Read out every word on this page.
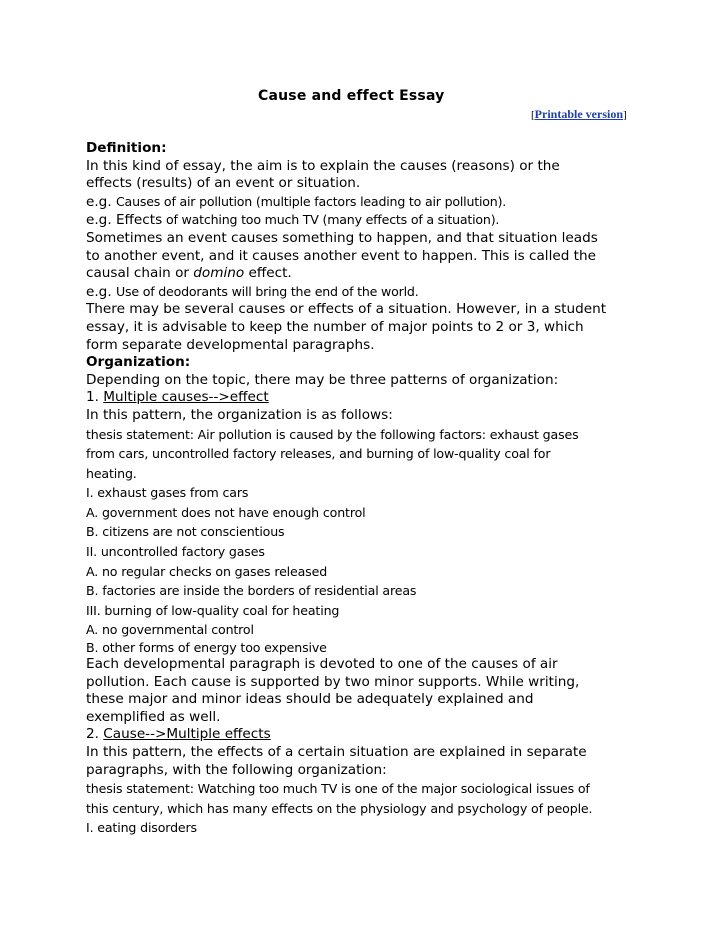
Cause and effect Essay
[Printable version]

Definition:

In this kind of essay, the aim is to explain the causes (reasons) or the

effects (results) of an event or situation.

e.g. Causes of air pollution (multiple factors leading to air pollution).

e.g. Effects of watching too much TV (many effects of a situation).

Sometimes an event causes something to happen, and that situation leads

to another event, and it causes another event to happen. This is called the

causal chain or domino effect.

e.g. Use of deodorants will bring the end of the world.

There may be several causes or effects of a situation. However, in a student

essay, it is advisable to keep the number of major points to 2 or 3, which

form separate developmental paragraphs.

Organization:

Depending on the topic, there may be three patterns of organization:

1. Multiple causes-->effect

In this pattern, the organization is as follows:

thesis statement: Air pollution is caused by the following factors: exhaust gases

from cars, uncontrolled factory releases, and burning of low-quality coal for

heating.

I. exhaust gases from cars

A. government does not have enough control

B. citizens are not conscientious

II. uncontrolled factory gases

A. no regular checks on gases released

B. factories are inside the borders of residential areas

III. burning of low-quality coal for heating

A. no governmental control

B. other forms of energy too expensive

Each developmental paragraph is devoted to one of the causes of air

pollution. Each cause is supported by two minor supports. While writing,

these major and minor ideas should be adequately explained and

exemplified as well.

2. Cause-->Multiple effects

In this pattern, the effects of a certain situation are explained in separate

paragraphs, with the following organization:

thesis statement: Watching too much TV is one of the major sociological issues of

this century, which has many effects on the physiology and psychology of people.

I. eating disorders
